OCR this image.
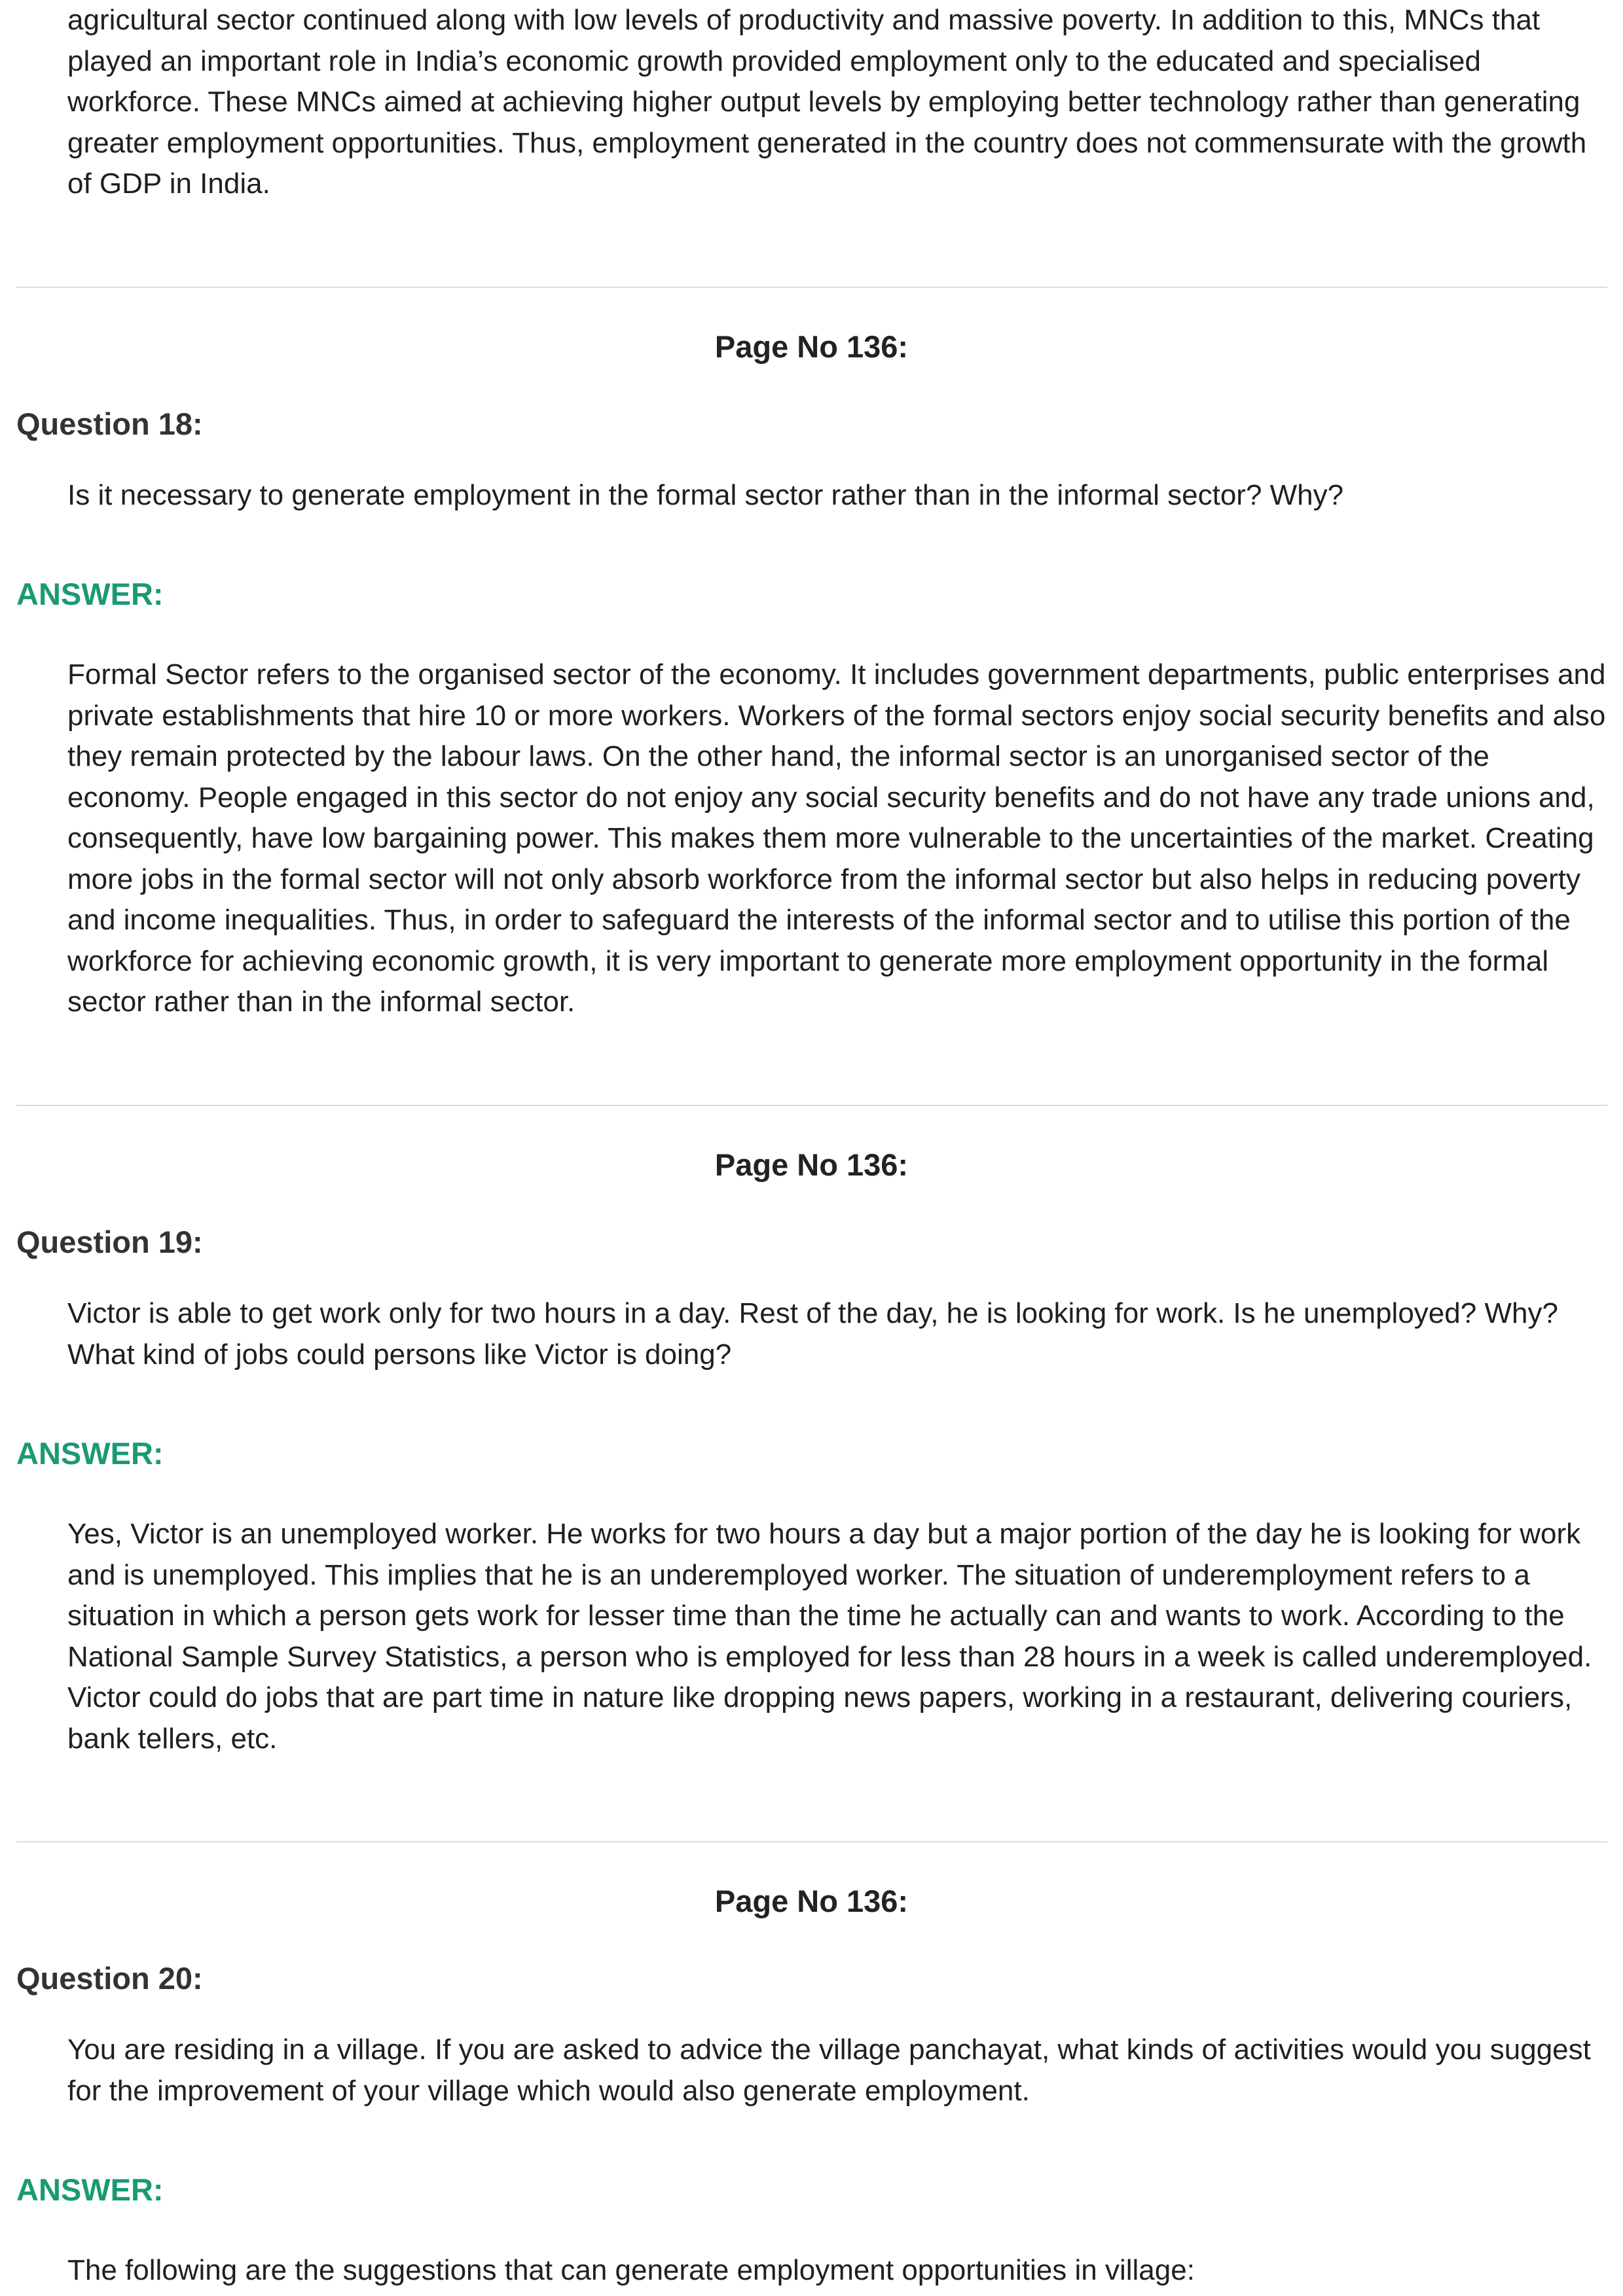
agricultural sector continued along with low levels of productivity and massive poverty. In addition to this, MNCs that played an important role in India’s economic growth provided employment only to the educated and specialised workforce. These MNCs aimed at achieving higher output levels by employing better technology rather than generating greater employment opportunities. Thus, employment generated in the country does not commensurate with the growth of GDP in India.

Page No 136:

Question 18:

Is it necessary to generate employment in the formal sector rather than in the informal sector? Why?

ANSWER:

Formal Sector refers to the organised sector of the economy. It includes government departments, public enterprises and private establishments that hire 10 or more workers. Workers of the formal sectors enjoy social security benefits and also they remain protected by the labour laws. On the other hand, the informal sector is an unorganised sector of the economy. People engaged in this sector do not enjoy any social security benefits and do not have any trade unions and, consequently, have low bargaining power. This makes them more vulnerable to the uncertainties of the market. Creating more jobs in the formal sector will not only absorb workforce from the informal sector but also helps in reducing poverty and income inequalities. Thus, in order to safeguard the interests of the informal sector and to utilise this portion of the workforce for achieving economic growth, it is very important to generate more employment opportunity in the formal sector rather than in the informal sector.

Page No 136:

Question 19:

Victor is able to get work only for two hours in a day. Rest of the day, he is looking for work. Is he unemployed? Why? What kind of jobs could persons like Victor is doing?

ANSWER:

Yes, Victor is an unemployed worker. He works for two hours a day but a major portion of the day he is looking for work and is unemployed. This implies that he is an underemployed worker. The situation of underemployment refers to a situation in which a person gets work for lesser time than the time he actually can and wants to work. According to the National Sample Survey Statistics, a person who is employed for less than 28 hours in a week is called underemployed. Victor could do jobs that are part time in nature like dropping news papers, working in a restaurant, delivering couriers, bank tellers, etc.

Page No 136:

Question 20:

You are residing in a village. If you are asked to advice the village panchayat, what kinds of activities would you suggest for the improvement of your village which would also generate employment.

ANSWER:

The following are the suggestions that can generate employment opportunities in village:
